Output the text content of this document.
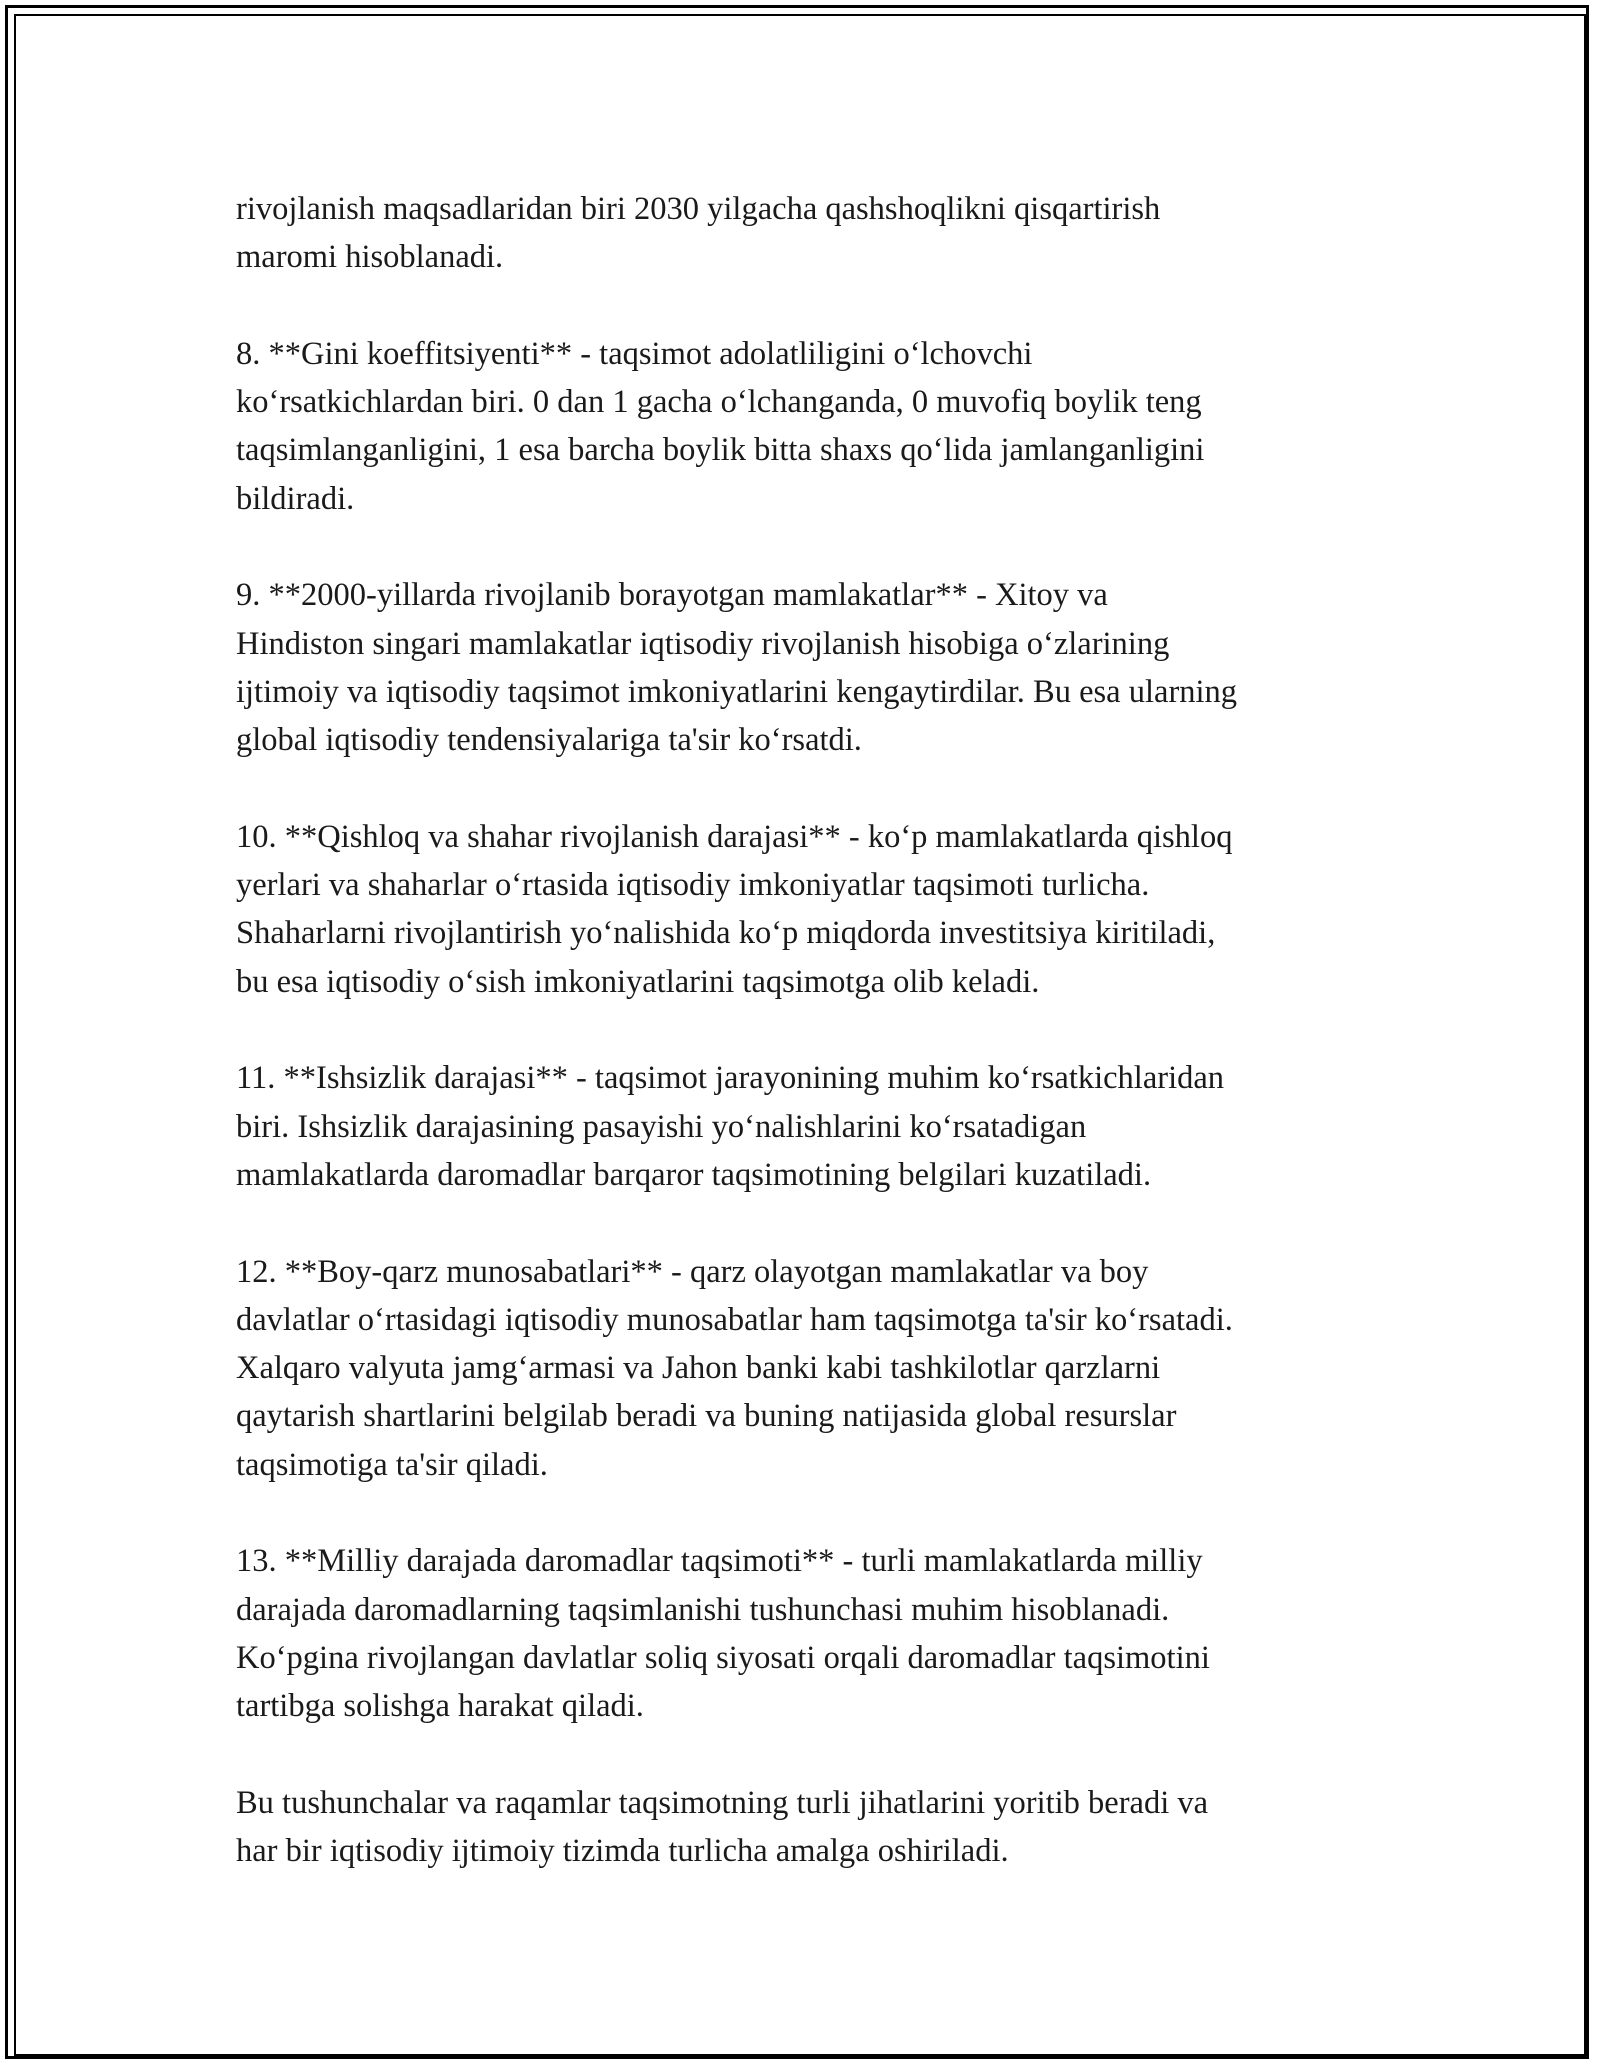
rivojlanish maqsadlaridan biri 2030 yilgacha qashshoqlikni qisqartirish
maromi hisoblanadi.

8. **Gini koeffitsiyenti** - taqsimot adolatliligini o‘lchovchi
ko‘rsatkichlardan biri. 0 dan 1 gacha o‘lchanganda, 0 muvofiq boylik teng
taqsimlanganligini, 1 esa barcha boylik bitta shaxs qo‘lida jamlanganligini
bildiradi.

9. **2000-yillarda rivojlanib borayotgan mamlakatlar** - Xitoy va
Hindiston singari mamlakatlar iqtisodiy rivojlanish hisobiga o‘zlarining
ijtimoiy va iqtisodiy taqsimot imkoniyatlarini kengaytirdilar. Bu esa ularning
global iqtisodiy tendensiyalariga ta'sir ko‘rsatdi.

10. **Qishloq va shahar rivojlanish darajasi** - ko‘p mamlakatlarda qishloq
yerlari va shaharlar o‘rtasida iqtisodiy imkoniyatlar taqsimoti turlicha.
Shaharlarni rivojlantirish yo‘nalishida ko‘p miqdorda investitsiya kiritiladi,
bu esa iqtisodiy o‘sish imkoniyatlarini taqsimotga olib keladi.

11. **Ishsizlik darajasi** - taqsimot jarayonining muhim ko‘rsatkichlaridan
biri. Ishsizlik darajasining pasayishi yo‘nalishlarini ko‘rsatadigan
mamlakatlarda daromadlar barqaror taqsimotining belgilari kuzatiladi.

12. **Boy-qarz munosabatlari** - qarz olayotgan mamlakatlar va boy
davlatlar o‘rtasidagi iqtisodiy munosabatlar ham taqsimotga ta'sir ko‘rsatadi.
Xalqaro valyuta jamg‘armasi va Jahon banki kabi tashkilotlar qarzlarni
qaytarish shartlarini belgilab beradi va buning natijasida global resurslar
taqsimotiga ta'sir qiladi.

13. **Milliy darajada daromadlar taqsimoti** - turli mamlakatlarda milliy
darajada daromadlarning taqsimlanishi tushunchasi muhim hisoblanadi.
Ko‘pgina rivojlangan davlatlar soliq siyosati orqali daromadlar taqsimotini
tartibga solishga harakat qiladi.

Bu tushunchalar va raqamlar taqsimotning turli jihatlarini yoritib beradi va
har bir iqtisodiy ijtimoiy tizimda turlicha amalga oshiriladi.
